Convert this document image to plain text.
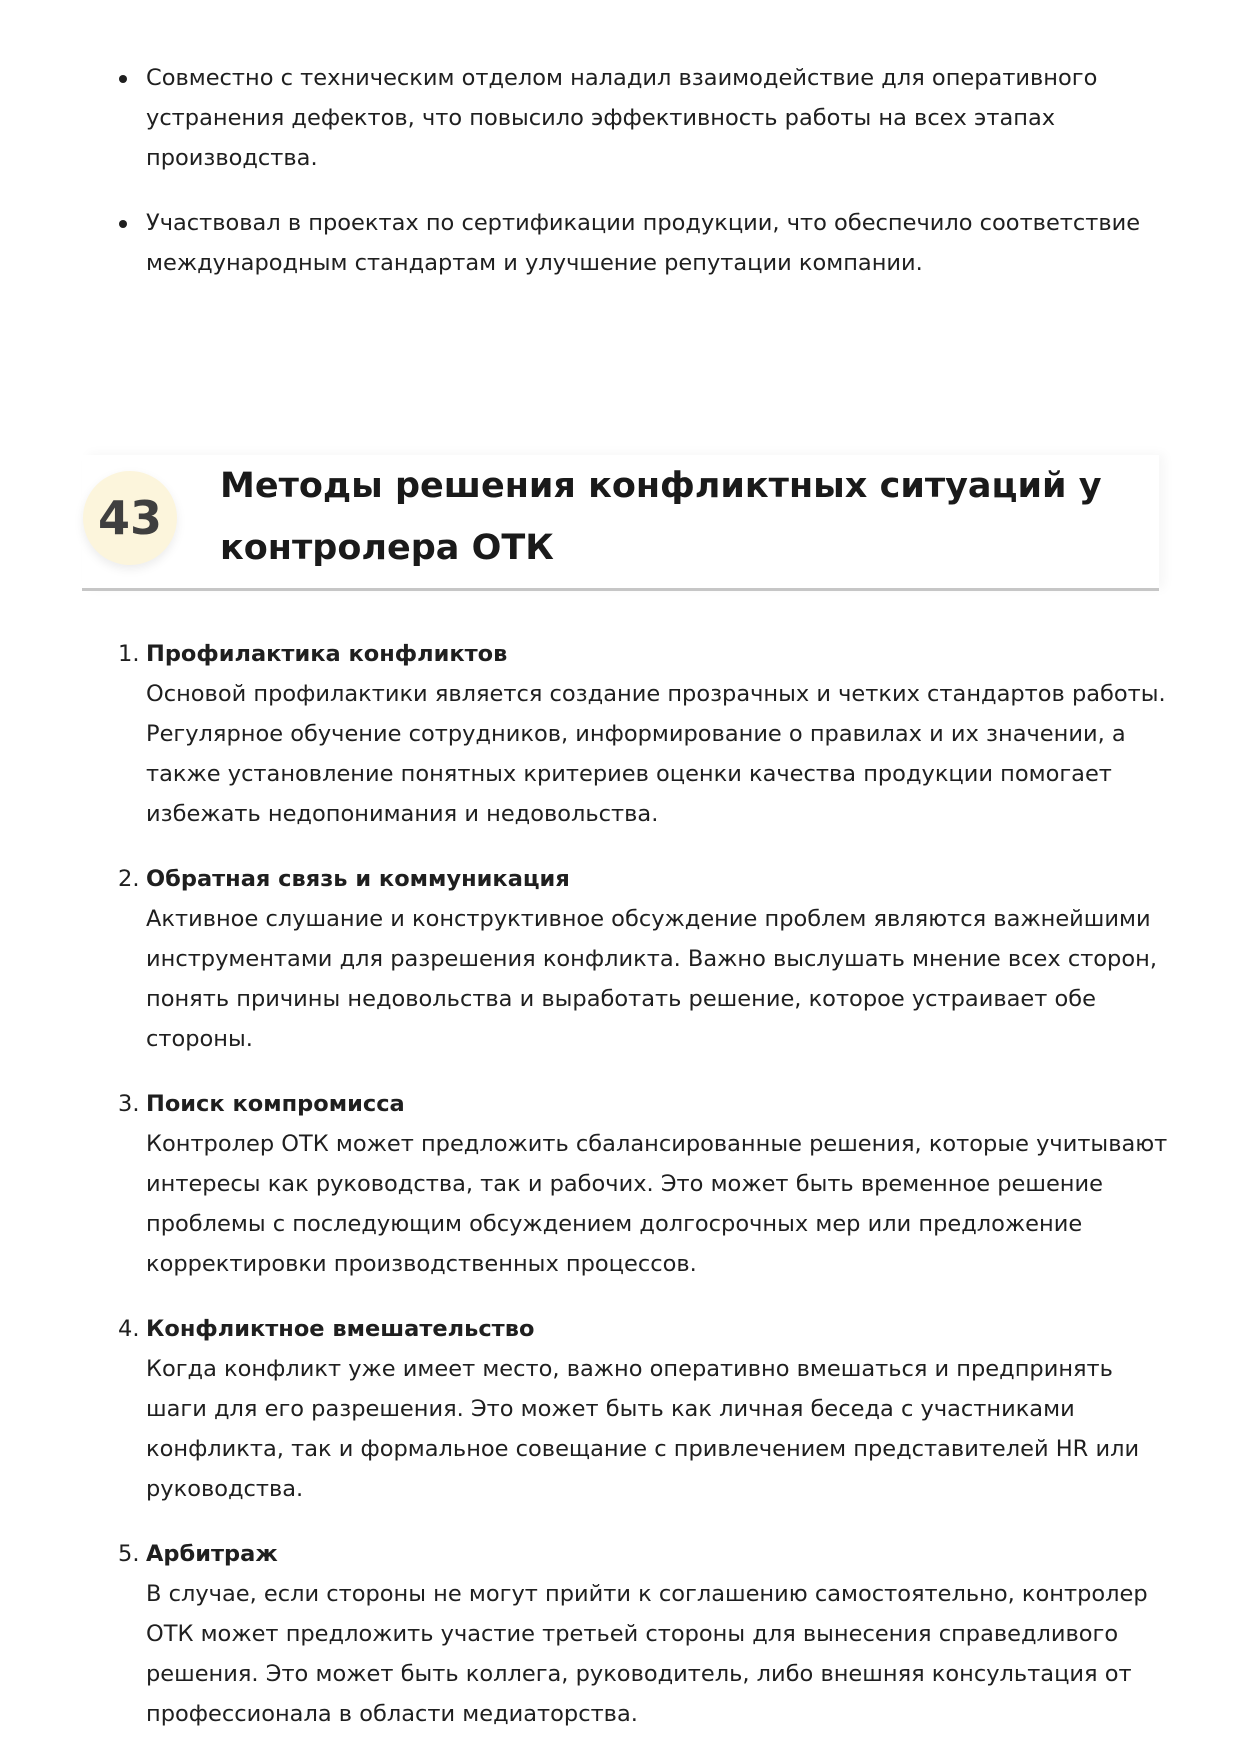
Совместно с техническим отделом наладил взаимодействие для оперативного устранения дефектов, что повысило эффективность работы на всех этапах производства.
Участвовал в проектах по сертификации продукции, что обеспечило соответствие международным стандартам и улучшение репутации компании.
43
Методы решения конфликтных ситуаций у контролера ОТК
1. Профилактика конфликтов
Основой профилактики является создание прозрачных и четких стандартов работы. Регулярное обучение сотрудников, информирование о правилах и их значении, а также установление понятных критериев оценки качества продукции помогает избежать недопонимания и недовольства.
2. Обратная связь и коммуникация
Активное слушание и конструктивное обсуждение проблем являются важнейшими инструментами для разрешения конфликта. Важно выслушать мнение всех сторон, понять причины недовольства и выработать решение, которое устраивает обе стороны.
3. Поиск компромисса
Контролер ОТК может предложить сбалансированные решения, которые учитывают интересы как руководства, так и рабочих. Это может быть временное решение проблемы с последующим обсуждением долгосрочных мер или предложение корректировки производственных процессов.
4. Конфликтное вмешательство
Когда конфликт уже имеет место, важно оперативно вмешаться и предпринять шаги для его разрешения. Это может быть как личная беседа с участниками конфликта, так и формальное совещание с привлечением представителей HR или руководства.
5. Арбитраж
В случае, если стороны не могут прийти к соглашению самостоятельно, контролер ОТК может предложить участие третьей стороны для вынесения справедливого решения. Это может быть коллега, руководитель, либо внешняя консультация от профессионала в области медиаторства.
